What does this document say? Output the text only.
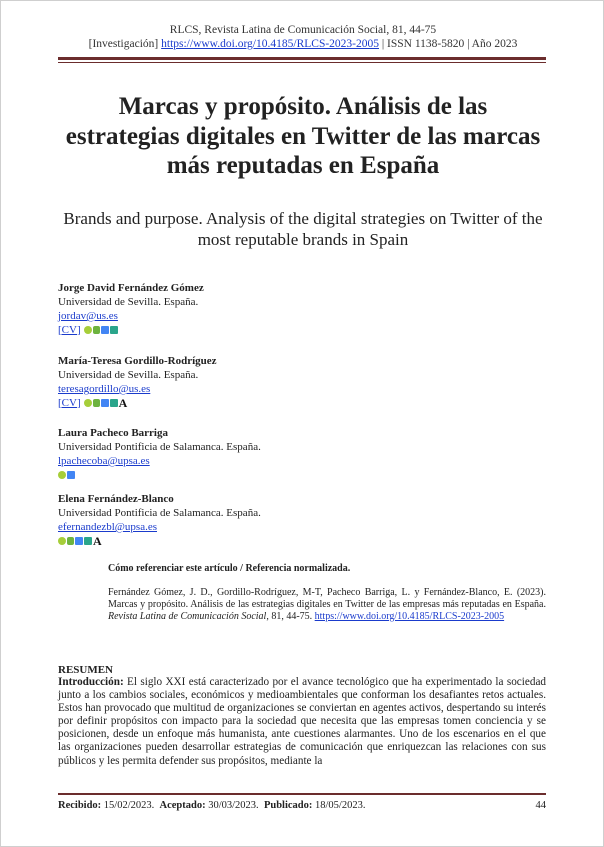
RLCS, Revista Latina de Comunicación Social, 81, 44-75
[Investigación] https://www.doi.org/10.4185/RLCS-2023-2005 | ISSN 1138-5820 | Año 2023
Marcas y propósito. Análisis de las estrategias digitales en Twitter de las marcas más reputadas en España
Brands and purpose. Analysis of the digital strategies on Twitter of the most reputable brands in Spain
Jorge David Fernández Gómez
Universidad de Sevilla. España.
jordav@us.es
[CV]
María-Teresa Gordillo-Rodríguez
Universidad de Sevilla. España.
teresagordillo@us.es
[CV]	A
Laura Pacheco Barriga
Universidad Pontificia de Salamanca. España.
lpachecoba@upsa.es
Elena Fernández-Blanco
Universidad Pontificia de Salamanca. España.
efernandezbl@upsa.es
A
Cómo referenciar este artículo / Referencia normalizada.
Fernández Gómez, J. D., Gordillo-Rodríguez, M-T, Pacheco Barriga, L. y Fernández-Blanco, E. (2023). Marcas y propósito. Análisis de las estrategias digitales en Twitter de las empresas más reputadas en España. Revista Latina de Comunicación Social, 81, 44-75. https://www.doi.org/10.4185/RLCS-2023-2005
RESUMEN
Introducción: El siglo XXI está caracterizado por el avance tecnológico que ha experimentado la sociedad junto a los cambios sociales, económicos y medioambientales que conforman los desafiantes retos actuales. Estos han provocado que multitud de organizaciones se conviertan en agentes activos, despertando su interés por definir propósitos con impacto para la sociedad que necesita que las empresas tomen conciencia y se posicionen, desde un enfoque más humanista, ante cuestiones alarmantes. Uno de los escenarios en el que las organizaciones pueden desarrollar estrategias de comunicación que enriquezcan las relaciones con sus públicos y les permita defender sus propósitos, mediante la
Recibido: 15/02/2023. Aceptado: 30/03/2023. Publicado: 18/05/2023.	44
